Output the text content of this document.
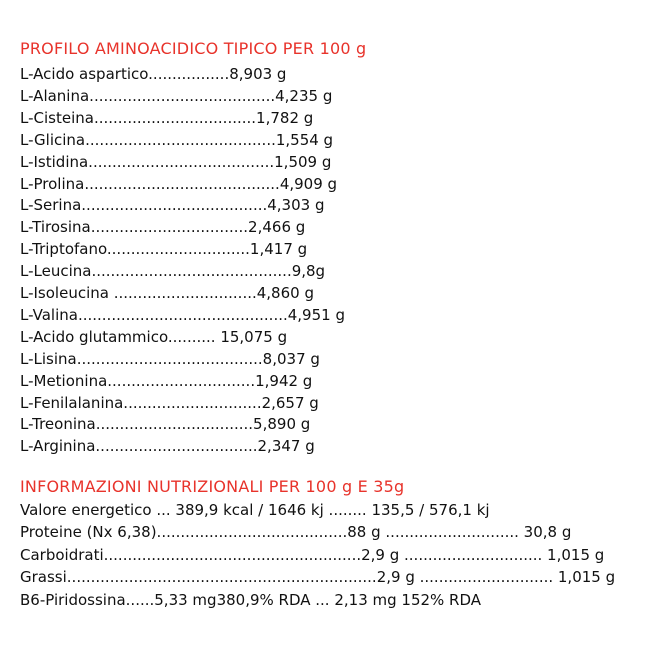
PROFILO AMINOACIDICO TIPICO PER 100 g
L-Acido aspartico.................8,903 g
L-Alanina.......................................4,235 g
L-Cisteina..................................1,782 g
L-Glicina........................................1,554 g
L-Istidina.......................................1,509 g
L-Prolina.........................................4,909 g
L-Serina.......................................4,303 g
L-Tirosina.................................2,466 g
L-Triptofano..............................1,417 g
L-Leucina..........................................9,8g
L-Isoleucina ..............................4,860 g
L-Valina............................................4,951 g
L-Acido glutammico.......... 15,075 g
L-Lisina.......................................8,037 g
L-Metionina...............................1,942 g
L-Fenilalanina.............................2,657 g
L-Treonina.................................5,890 g
L-Arginina..................................2,347 g
INFORMAZIONI NUTRIZIONALI PER 100 g E 35g
Valore energetico ... 389,9 kcal / 1646 kj ........ 135,5 / 576,1 kj
Proteine (Nx 6,38)........................................88 g ............................ 30,8 g
Carboidrati......................................................2,9 g ............................. 1,015 g
Grassi.................................................................2,9 g ............................ 1,015 g
B6-Piridossina......5,33 mg380,9% RDA ... 2,13 mg 152% RDA
